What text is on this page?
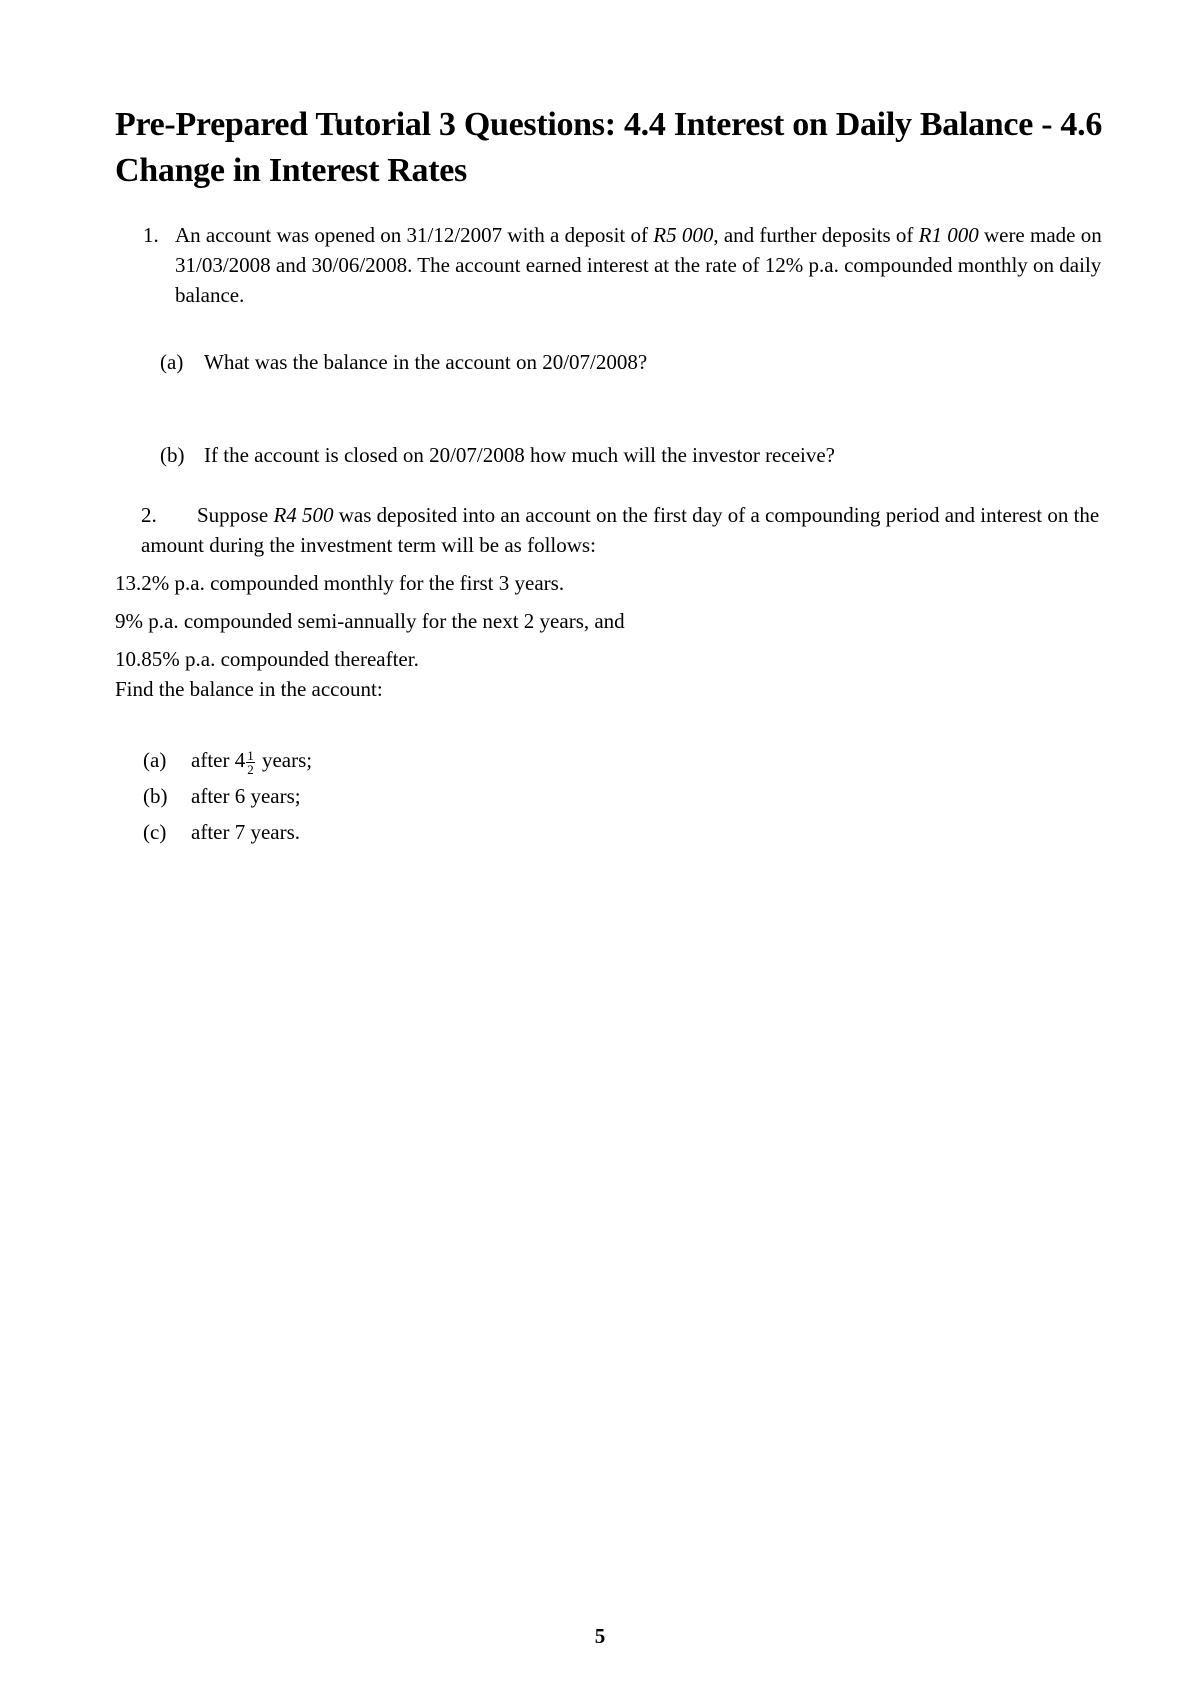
Pre-Prepared Tutorial 3 Questions: 4.4 Interest on Daily Balance - 4.6 Change in Interest Rates
1. An account was opened on 31/12/2007 with a deposit of R5 000, and further deposits of R1 000 were made on 31/03/2008 and 30/06/2008. The account earned interest at the rate of 12% p.a. compounded monthly on daily balance.
(a) What was the balance in the account on 20/07/2008?
(b) If the account is closed on 20/07/2008 how much will the investor receive?
2. Suppose R4 500 was deposited into an account on the first day of a compounding period and interest on the amount during the investment term will be as follows:
13.2% p.a. compounded monthly for the first 3 years.
9% p.a. compounded semi-annually for the next 2 years, and
10.85% p.a. compounded thereafter.
Find the balance in the account:
(a) after $4 \frac{1}{2}$ years;
(b) after 6 years;
(c) after 7 years.
5
